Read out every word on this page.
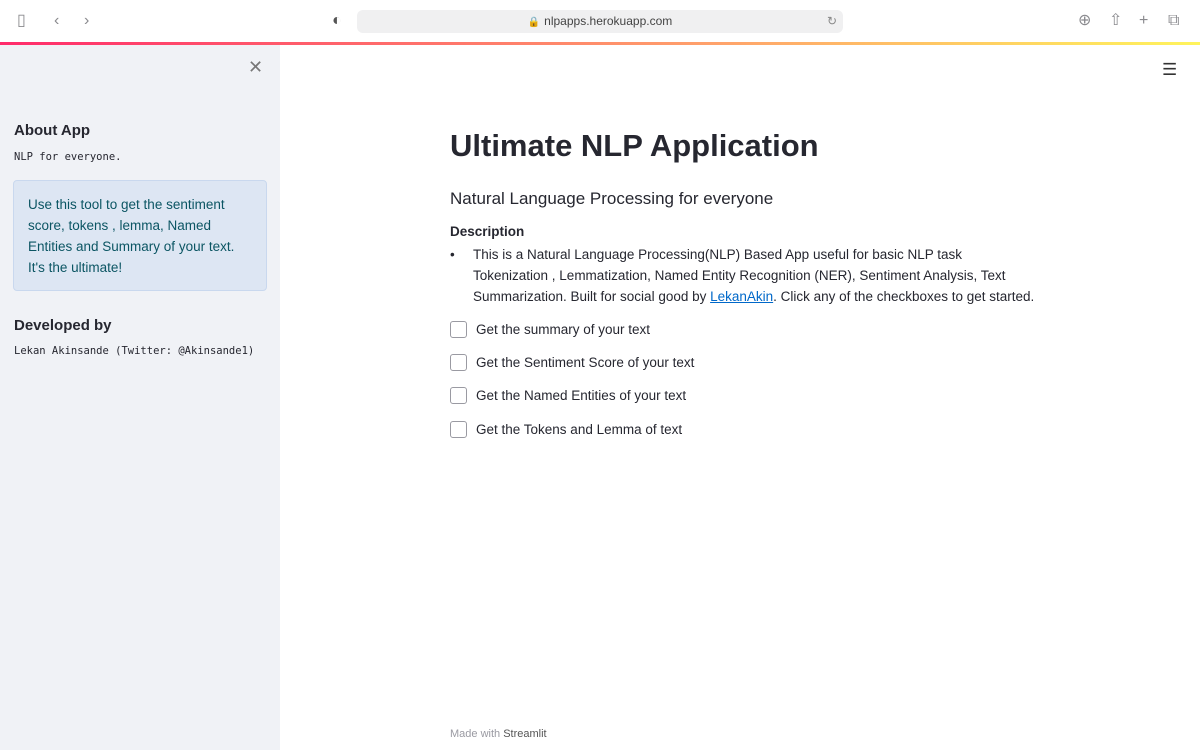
▯ ‹ ›	◐	🔒 nlpapps.herokuapp.com	↻	⊕ ⇧ + ⧉
✕
About App
NLP for everyone.
Use this tool to get the sentiment score, tokens , lemma, Named Entities and Summary of your text. It's the ultimate!
Developed by
Lekan Akinsande (Twitter: @Akinsande1)
☰
Ultimate NLP Application
Natural Language Processing for everyone
Description
• This is a Natural Language Processing(NLP) Based App useful for basic NLP task Tokenization , Lemmatization, Named Entity Recognition (NER), Sentiment Analysis, Text Summarization. Built for social good by LekanAkin. Click any of the checkboxes to get started.
Get the summary of your text
Get the Sentiment Score of your text
Get the Named Entities of your text
Get the Tokens and Lemma of text
Made with Streamlit
